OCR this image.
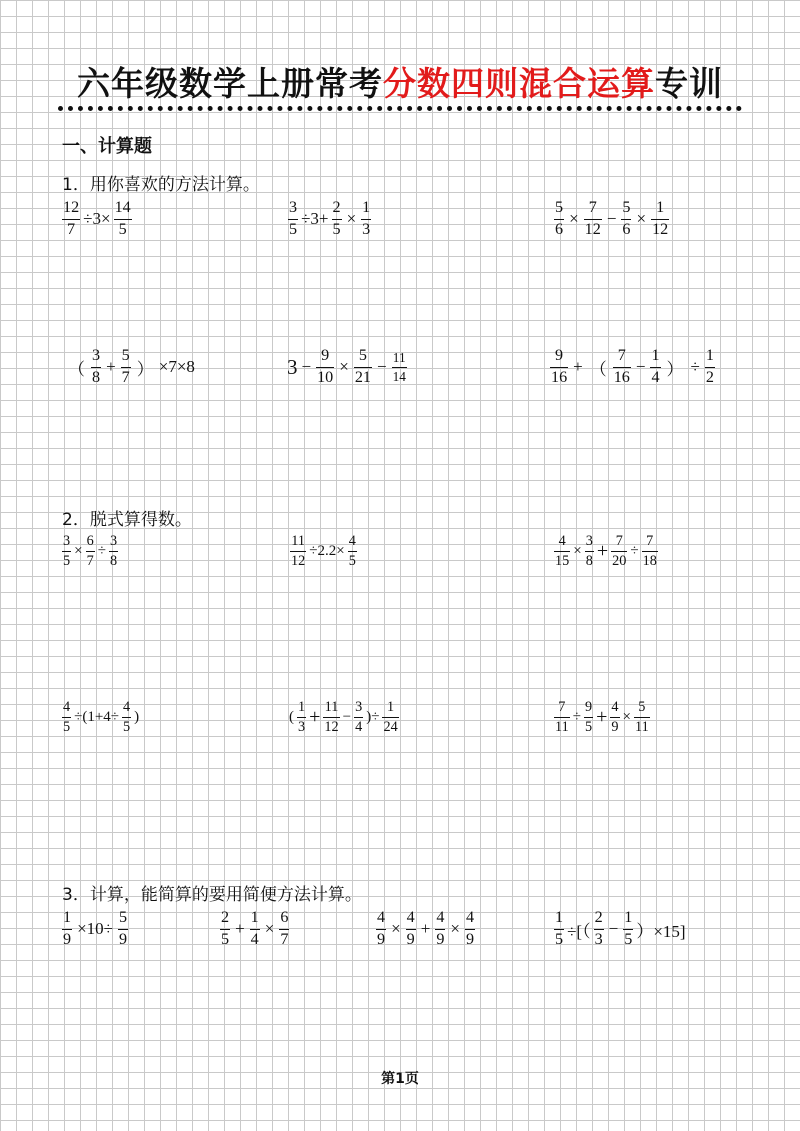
六年级数学上册常考分数四则混合运算专训
一、计算题
1．用你喜欢的方法计算。
$\frac{12}{7} \div 3\times \frac{14}{5}$	$\frac{3}{5} \div 3+ \frac{2}{5} \times \frac{1}{3}$	$\frac{5}{6} \times \frac{7}{12} - \frac{5}{6} \times \frac{1}{12}$
（ $\frac{3}{8} + \frac{5}{7}$ ） ×7×8	$3 - \frac{9}{10} \times \frac{5}{21} - \frac{11}{14}$	$\frac{9}{16}$ + （ $\frac{7}{16} - \frac{1}{4}$ ） ÷ $\frac{1}{2}$
2．脱式算得数。
$\frac{3}{5} \times \frac{6}{7} \div \frac{3}{8}$	$\frac{11}{12} \div 2.2\times \frac{4}{5}$	$\frac{4}{15} \times \frac{3}{8} + \frac{7}{20} \div \frac{7}{18}$
$\frac{4}{5} \div(1+4\div \frac{4}{5}$ )	( $\frac{1}{3} + \frac{11}{12} - \frac{3}{4}$ )÷ $\frac{1}{24}$	$\frac{7}{11} \div \frac{9}{5} + \frac{4}{9} \times \frac{5}{11}$
3．计算，能简算的要用简便方法计算。
$\frac{1}{9} \times 10\div \frac{5}{9}$	$\frac{2}{5} + \frac{1}{4} \times \frac{6}{7}$	$\frac{4}{9} \times \frac{4}{9} + \frac{4}{9} \times \frac{4}{9}$	$\frac{1}{5}$ ÷[（ $\frac{2}{3} - \frac{1}{5} )\times 15$]
第1页
